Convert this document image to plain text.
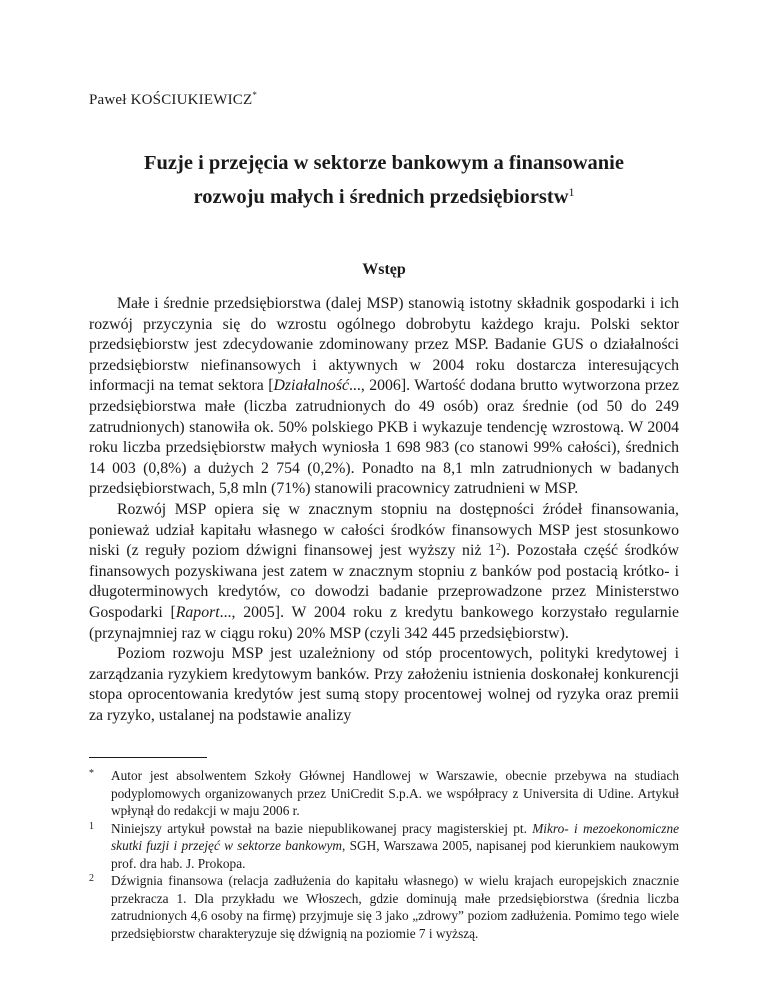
Paweł KOŚCIUKIEWICZ*
Fuzje i przejęcia w sektorze bankowym a finansowanie
rozwoju małych i średnich przedsiębiorstw$^1$
Wstęp

Małe i średnie przedsiębiorstwa (dalej MSP) stanowią istotny składnik gospodarki i ich rozwój przyczynia się do wzrostu ogólnego dobrobytu każdego kraju. Polski sektor przedsiębiorstw jest zdecydowanie zdominowany przez MSP. Badanie GUS o działalności przedsiębiorstw niefinansowych i aktywnych w 2004 roku dostarcza interesujących informacji na temat sektora [Działalność..., 2006]. Wartość dodana brutto wytworzona przez przedsiębiorstwa małe (liczba zatrudnionych do 49 osób) oraz średnie (od 50 do 249 zatrudnionych) stanowiła ok. 50% polskiego PKB i wykazuje tendencję wzrostową. W 2004 roku liczba przedsiębiorstw małych wyniosła 1 698 983 (co stanowi 99% całości), średnich 14 003 (0,8%) a dużych 2 754 (0,2%). Ponadto na 8,1 mln zatrudnionych w badanych przedsiębiorstwach, 5,8 mln (71%) stanowili pracownicy zatrudnieni w MSP.

Rozwój MSP opiera się w znacznym stopniu na dostępności źródeł finansowania, ponieważ udział kapitału własnego w całości środków finansowych MSP jest stosunkowo niski (z reguły poziom dźwigni finansowej jest wyższy niż $1^2$). Pozostała część środków finansowych pozyskiwana jest zatem w znacznym stopniu z banków pod postacią krótko- i długoterminowych kredytów, co dowodzi badanie przeprowadzone przez Ministerstwo Gospodarki [Raport..., 2005]. W 2004 roku z kredytu bankowego korzystało regularnie (przynajmniej raz w ciągu roku) 20% MSP (czyli 342 445 przedsiębiorstw).

Poziom rozwoju MSP jest uzależniony od stóp procentowych, polityki kredytowej i zarządzania ryzykiem kredytowym banków. Przy założeniu istnienia doskonałej konkurencji stopa oprocentowania kredytów jest sumą stopy procentowej wolnej od ryzyka oraz premii za ryzyko, ustalanej na podstawie analizy

*	Autor jest absolwentem Szkoły Głównej Handlowej w Warszawie, obecnie przebywa na studiach podyplomowych organizowanych przez UniCredit S.p.A. we współpracy z Universita di Udine. Artykuł wpłynął do redakcji w maju 2006 r.
1	Niniejszy artykuł powstał na bazie niepublikowanej pracy magisterskiej pt. Mikro- i mezoekonomiczne skutki fuzji i przejęć w sektorze bankowym, SGH, Warszawa 2005, napisanej pod kierunkiem naukowym prof. dra hab. J. Prokopa.
2	Dźwignia finansowa (relacja zadłużenia do kapitału własnego) w wielu krajach europejskich znacznie przekracza 1. Dla przykładu we Włoszech, gdzie dominują małe przedsiębiorstwa (średnia liczba zatrudnionych 4,6 osoby na firmę) przyjmuje się 3 jako „zdrowy” poziom zadłużenia. Pomimo tego wiele przedsiębiorstw charakteryzuje się dźwignią na poziomie 7 i wyższą.
